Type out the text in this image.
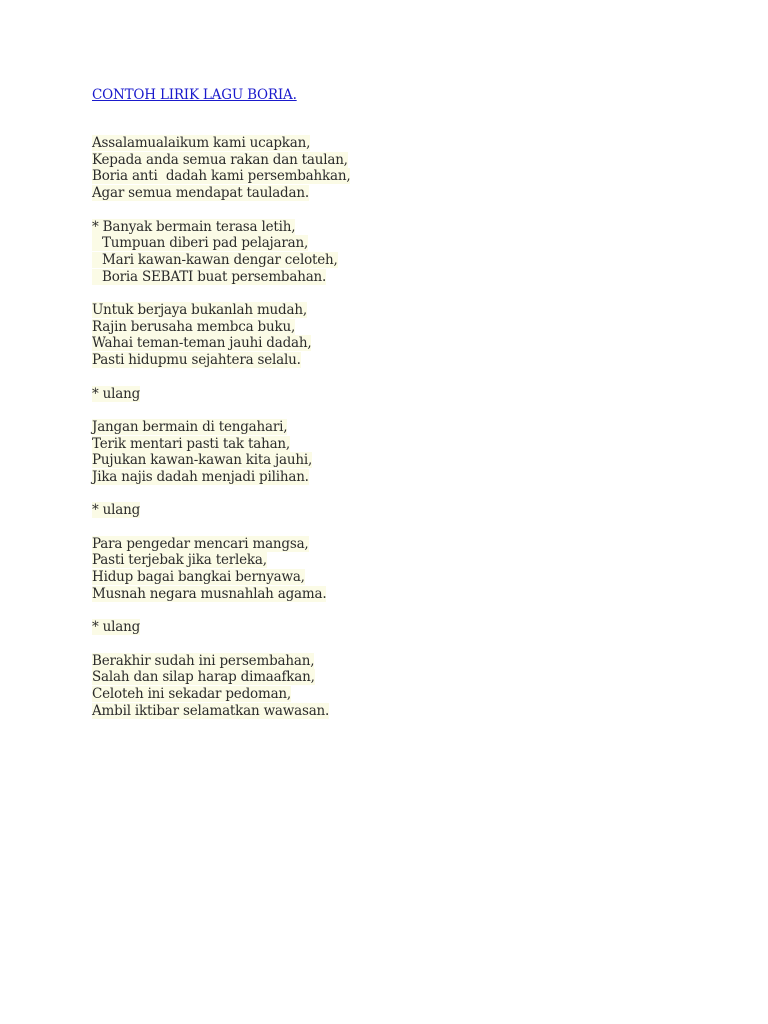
CONTOH LIRIK LAGU BORIA.
Assalamualaikum kami ucapkan,
Kepada anda semua rakan dan taulan,
Boria anti  dadah kami persembahkan,
Agar semua mendapat tauladan.
* Banyak bermain terasa letih,
Tumpuan diberi pad pelajaran,
Mari kawan-kawan dengar celoteh,
Boria SEBATI buat persembahan.
Untuk berjaya bukanlah mudah,
Rajin berusaha membca buku,
Wahai teman-teman jauhi dadah,
Pasti hidupmu sejahtera selalu.
* ulang
Jangan bermain di tengahari,
Terik mentari pasti tak tahan,
Pujukan kawan-kawan kita jauhi,
Jika najis dadah menjadi pilihan.
* ulang
Para pengedar mencari mangsa,
Pasti terjebak jika terleka,
Hidup bagai bangkai bernyawa,
Musnah negara musnahlah agama.
* ulang
Berakhir sudah ini persembahan,
Salah dan silap harap dimaafkan,
Celoteh ini sekadar pedoman,
Ambil iktibar selamatkan wawasan.
